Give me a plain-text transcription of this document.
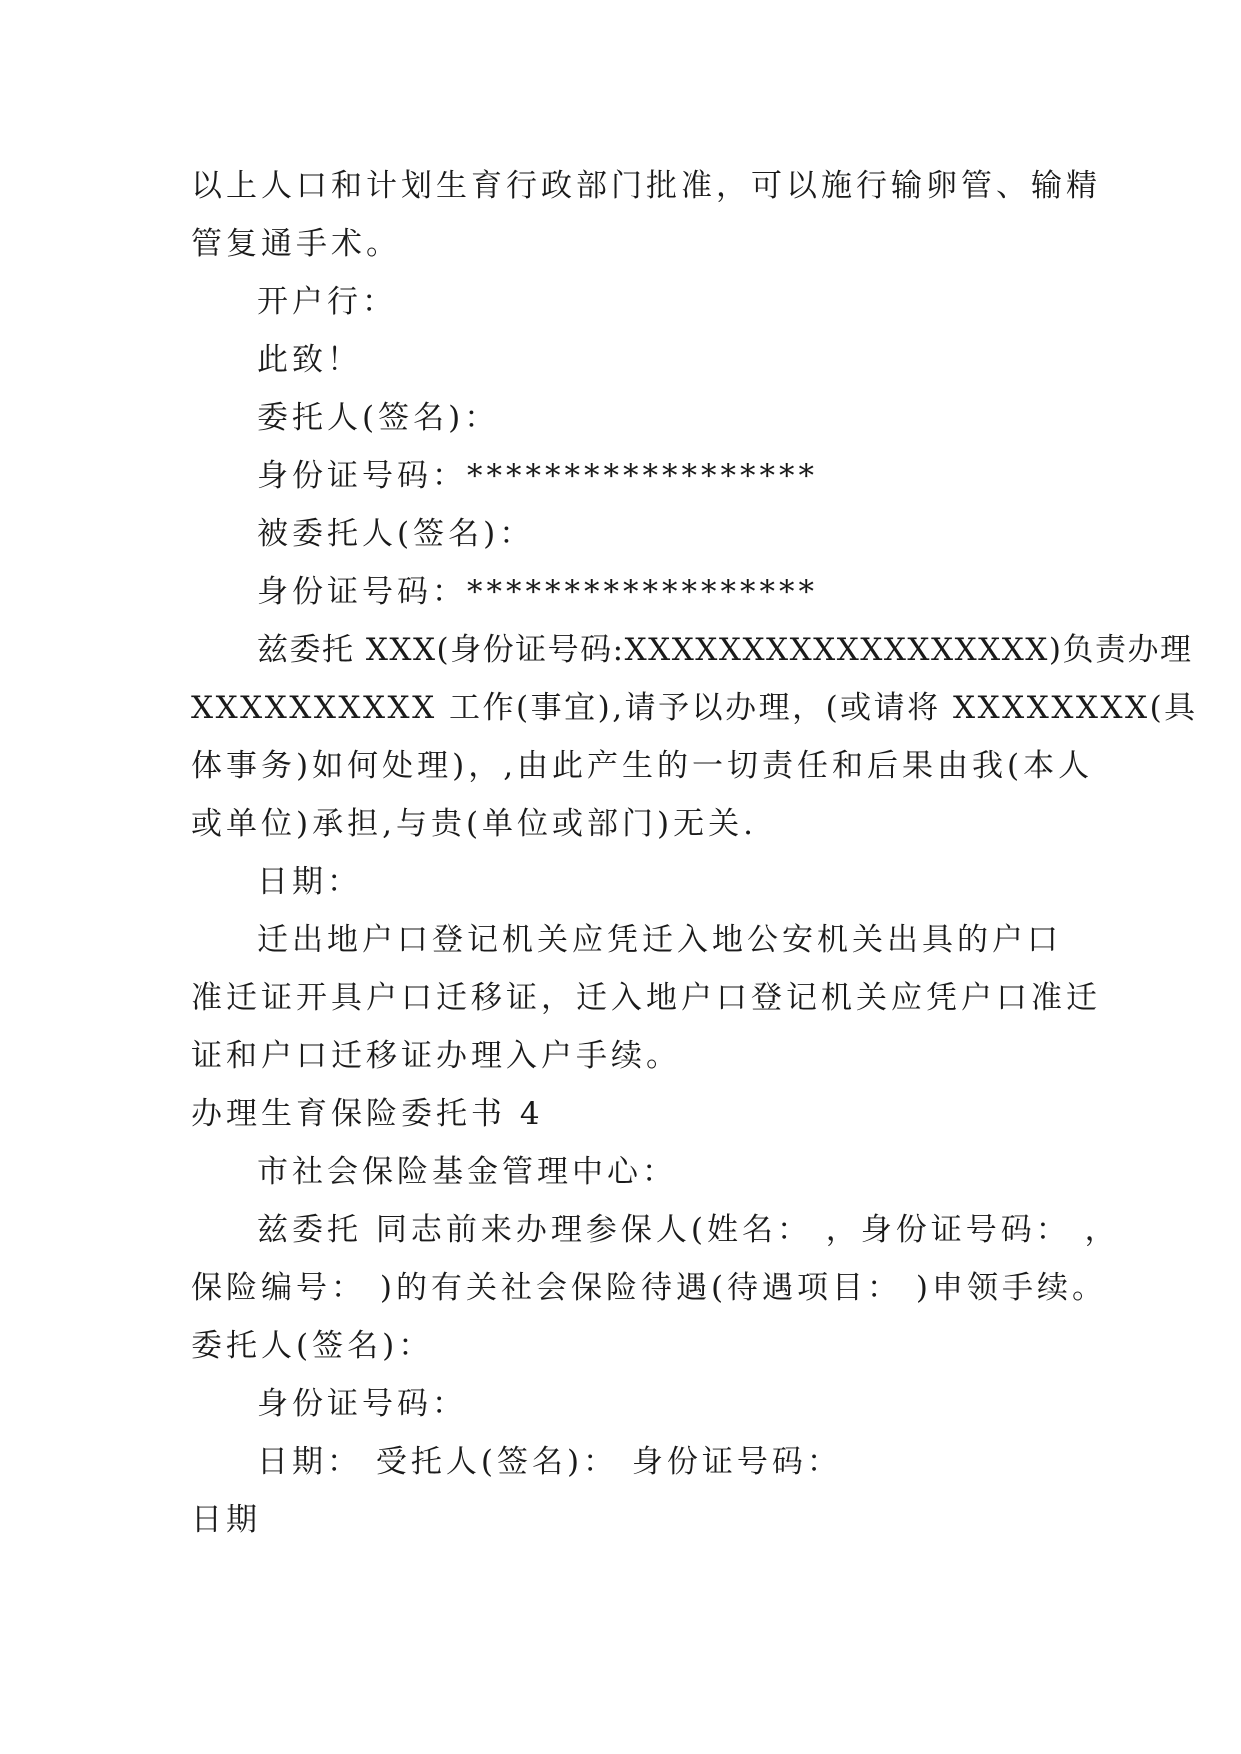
以上人口和计划生育行政部门批准，可以施行输卵管、输精
管复通手术。
开户行：
此致！
委托人(签名)：
身份证号码：******************
被委托人(签名)：
身份证号码：******************
兹委托 XXX(身份证号码:XXXXXXXXXXXXXXXXXX)负责办理
XXXXXXXXXX 工作(事宜),请予以办理，(或请将 XXXXXXXX(具
体事务)如何处理)，,由此产生的一切责任和后果由我(本人
或单位)承担,与贵(单位或部门)无关.
日期：
迁出地户口登记机关应凭迁入地公安机关出具的户口
准迁证开具户口迁移证，迁入地户口登记机关应凭户口准迁
证和户口迁移证办理入户手续。
办理生育保险委托书 4
市社会保险基金管理中心：
兹委托 同志前来办理参保人(姓名： ，身份证号码： ，
保险编号： )的有关社会保险待遇(待遇项目： )申领手续。
委托人(签名)：
身份证号码：
日期： 受托人(签名)： 身份证号码：
日期
